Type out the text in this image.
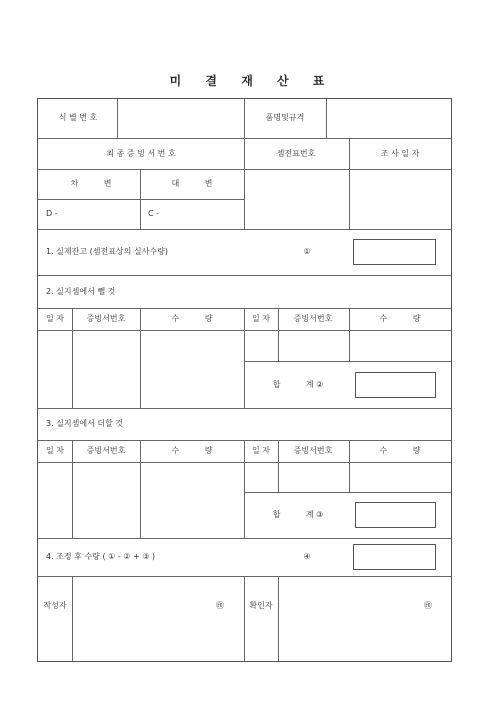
미 결 재 산 표
식 별 번 호	품명및규격
최 종 증 빙 서 번 호	셈전표번호	조 사 일 자
차          변	대          변
D -	C -
1. 실제잔고 (셈전표상의 실사수량)	①
2. 실지셈에서 뺄 것
일 자	증빙서번호	수          량	일 자	증빙서번호	수          량
합          계 ②
3. 실지셈에서 더할 것
일 자	증빙서번호	수          량	일 자	증빙서번호	수          량
합          계 ③
4. 조정 후 수량 ( ① - ② + ③ )	④
작성자	㊞	확인자	㊞
